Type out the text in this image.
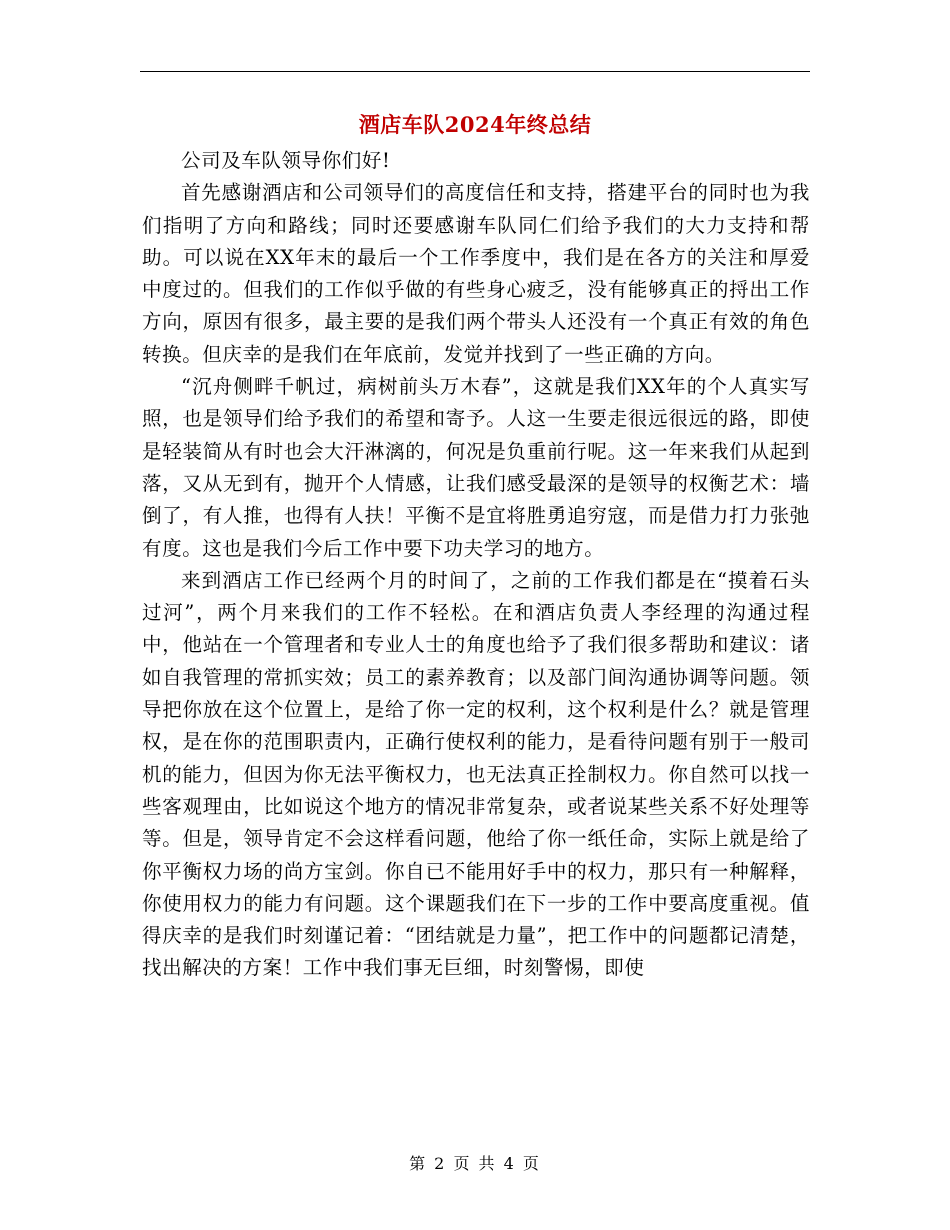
酒店车队2024年终总结

公司及车队领导你们好!

首先感谢酒店和公司领导们的高度信任和支持，搭建平台的同时也为我们指明了方向和路线；同时还要感谢车队同仁们给予我们的大力支持和帮助。可以说在XX年末的最后一个工作季度中，我们是在各方的关注和厚爱中度过的。但我们的工作似乎做的有些身心疲乏，没有能够真正的捋出工作方向，原因有很多，最主要的是我们两个带头人还没有一个真正有效的角色转换。但庆幸的是我们在年底前，发觉并找到了一些正确的方向。

“沉舟侧畔千帆过，病树前头万木春”，这就是我们XX年的个人真实写照，也是领导们给予我们的希望和寄予。人这一生要走很远很远的路，即使是轻装简从有时也会大汗淋漓的，何况是负重前行呢。这一年来我们从起到落，又从无到有，抛开个人情感，让我们感受最深的是领导的权衡艺术：墙倒了，有人推，也得有人扶！平衡不是宜将胜勇追穷寇，而是借力打力张弛有度。这也是我们今后工作中要下功夫学习的地方。

来到酒店工作已经两个月的时间了，之前的工作我们都是在“摸着石头过河”，两个月来我们的工作不轻松。在和酒店负责人李经理的沟通过程中，他站在一个管理者和专业人士的角度也给予了我们很多帮助和建议：诸如自我管理的常抓实效；员工的素养教育；以及部门间沟通协调等问题。领导把你放在这个位置上，是给了你一定的权利，这个权利是什么？就是管理权，是在你的范围职责内，正确行使权利的能力，是看待问题有别于一般司机的能力，但因为你无法平衡权力，也无法真正拴制权力。你自然可以找一些客观理由，比如说这个地方的情况非常复杂，或者说某些关系不好处理等等。但是，领导肯定不会这样看问题，他给了你一纸任命，实际上就是给了你平衡权力场的尚方宝剑。你自已不能用好手中的权力，那只有一种解释，你使用权力的能力有问题。这个课题我们在下一步的工作中要高度重视。值得庆幸的是我们时刻谨记着：“团结就是力量”，把工作中的问题都记清楚，找出解决的方案！工作中我们事无巨细，时刻警惕，即使

第 2 页 共 4 页
